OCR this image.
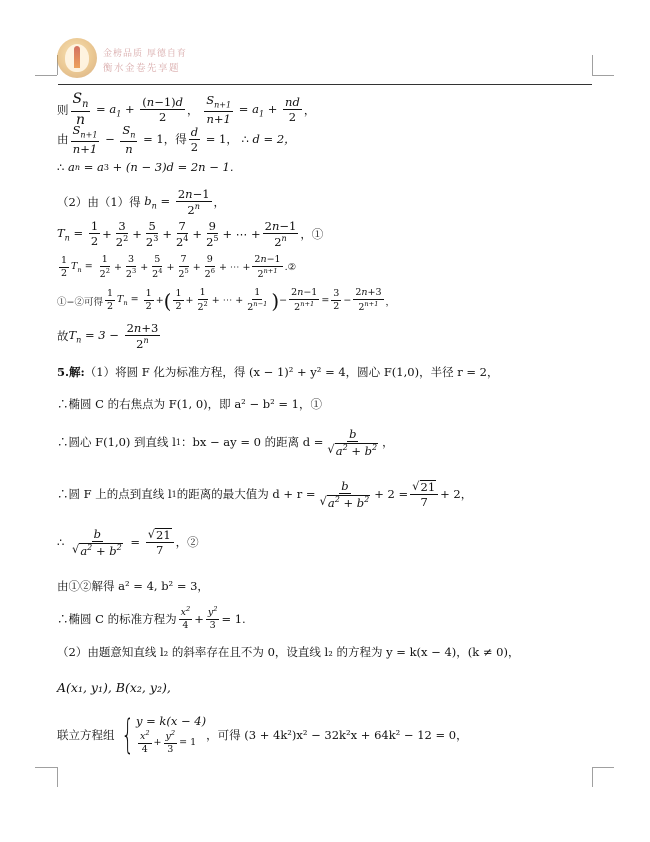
金榜品质 厚德自育
衡水金卷先享题
则 $\frac{S_n}{n} = a_1 + \frac{(n-1)d}{2}$ ，
$\frac{S_{n+1}}{n+1} = a_1 + \frac{nd}{2}$ ，
由 $\frac{S_{n+1}}{n+1} - \frac{S_n}{n} = 1$ ，得 $\frac{d}{2} = 1$ ， ∴ d = 2，
∴ a n
= a 3
+ (n − 3)d = 2n − 1.
（2）由（1）得 $b_n = \frac{2n-1}{2^n}$ ，
$T_n = \frac{1}{2} + \frac{3}{2^2} + \frac{5}{2^3} + \frac{7}{2^4} + \frac{9}{2^5}$ + ⋯ + $\frac{2n-1}{2^n}$ ，①
$\frac{1}{2} T_n = \frac{1}{2^2} + \frac{3}{2^3} + \frac{5}{2^4} + \frac{7}{2^5} + \frac{9}{2^6}$ + ⋯ + $\frac{2n-1}{2^{n+1}}$ .②
①−②可得 $\frac{1}{2} T_n = \frac{1}{2}$ + ( $\frac{1}{2} + \frac{1}{2^2}$ + ⋯ + $\frac{1}{2^{n-1}}$ ) − $\frac{2n-1}{2^{n+1}} = \frac{3}{2} - \frac{2n+3}{2^{n+1}}$ ，
故 $T_n = 3 - \frac{2n+3}{2^n}$
5.解: （1）将圆 F 化为标准方程，得 (x − 1)² + y² = 4，圆心 F(1,0)，半径 r = 2，
∴椭圆 C 的右焦点为 F(1, 0)，即 a² − b² = 1，①
∴圆心 F(1,0) 到直线 l 1 ：bx − ay = 0 的距离 $d = \frac{b}{√ a^2 + b^2}$ ，
∴圆 F 上的点到直线 l 1 的距离的最大值为 $d + r = \frac{b}{√ a^2 + b^2} + 2 = \frac{√ 21}{7} + 2$，
∴ $\frac{b}{√ a^2 + b^2} = \frac{√ 21}{7}$ ，②
由①②解得 a² = 4, b² = 3，
∴椭圆 C 的标准方程为 $\frac{x^2}{4} + \frac{y^2}{3} = 1$.
（2）由题意知直线 l₂ 的斜率存在且不为 0，设直线 l₂ 的方程为 y = k(x − 4)，(k ≠ 0)，
A(x₁, y₁), B(x₂, y₂),
联立方程组 { y = k(x − 4)
$\frac{x^2}{4} + \frac{y^2}{3} = 1$
，可得 (3 + 4k²)x² − 32k²x + 64k² − 12 = 0，
